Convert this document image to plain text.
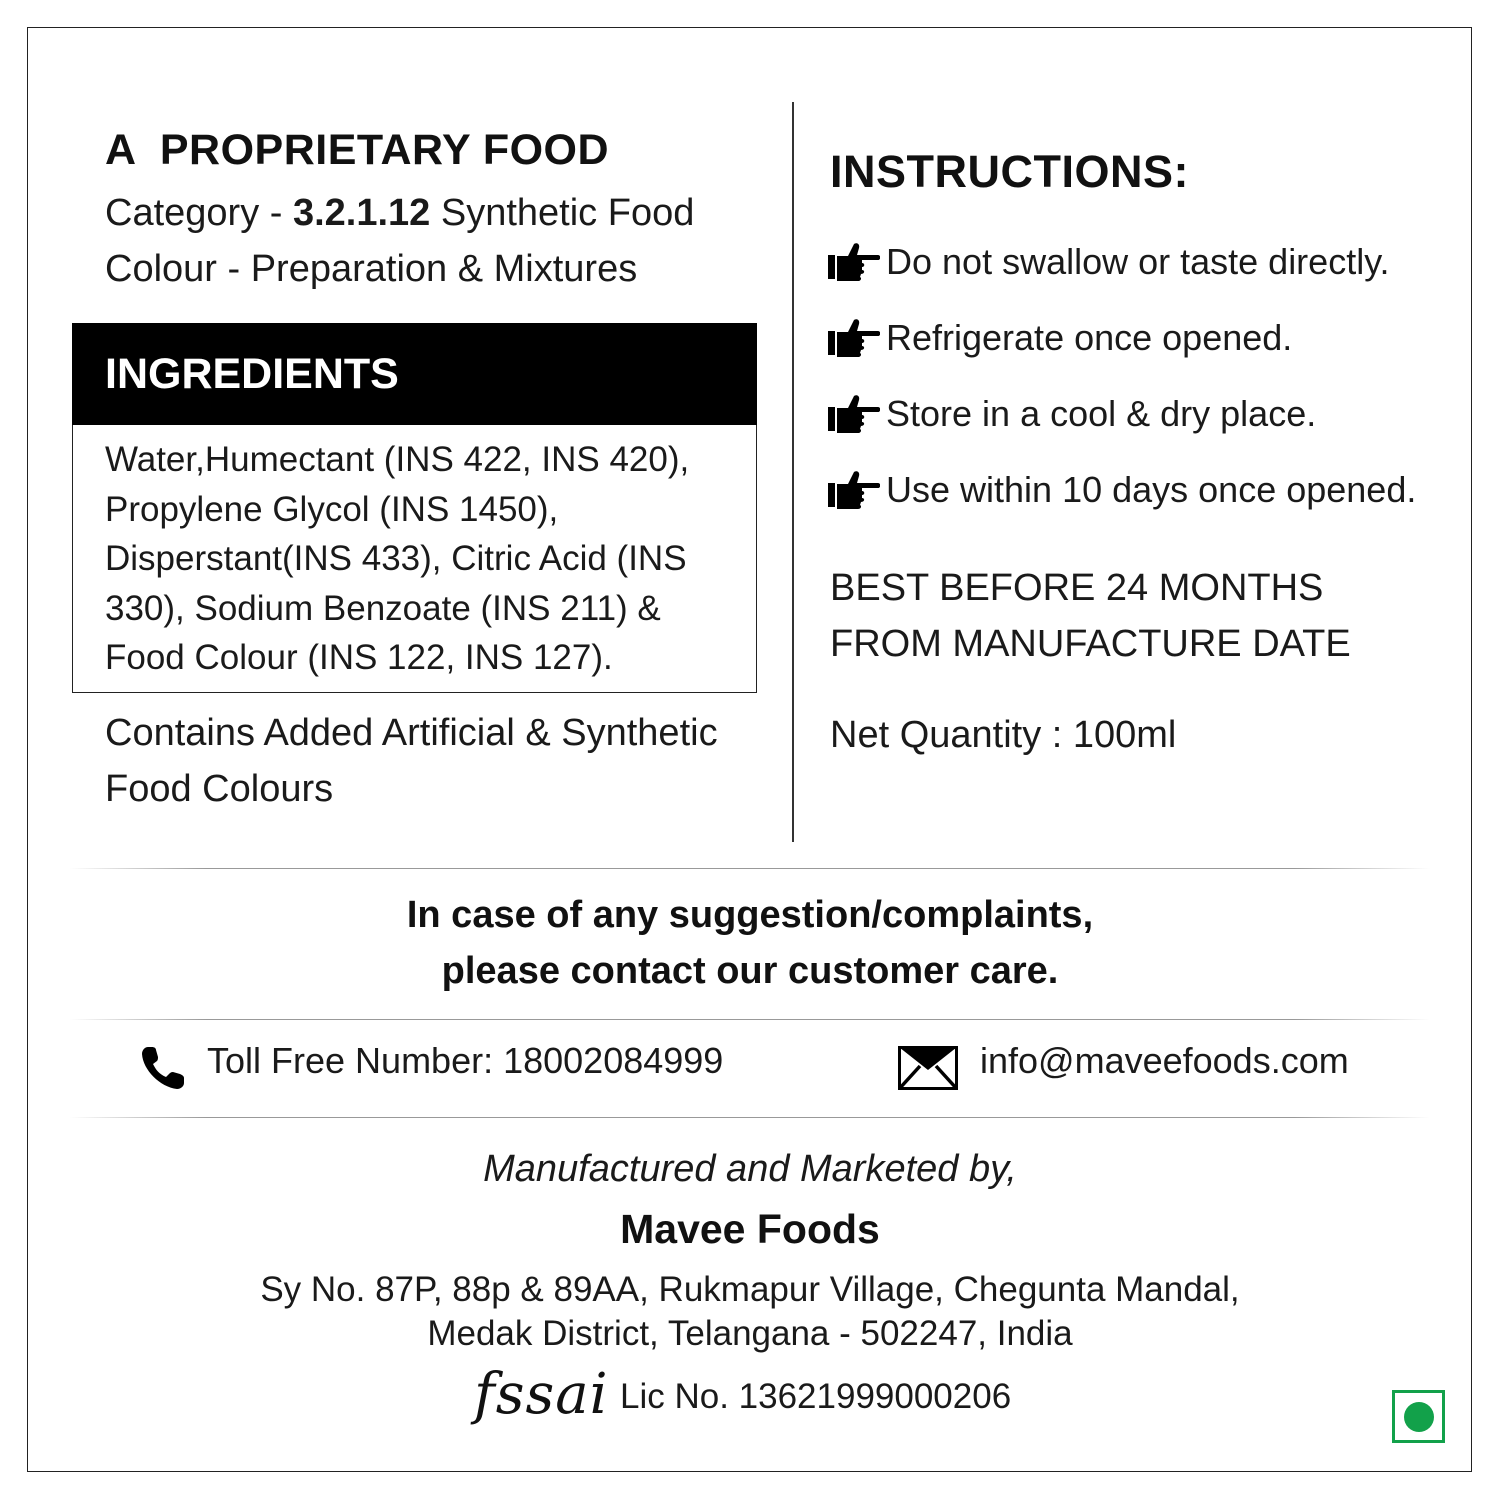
A  PROPRIETARY FOOD
Category - 3.2.1.12 Synthetic Food Colour - Preparation & Mixtures
INGREDIENTS
Water,Humectant (INS 422, INS 420), Propylene Glycol (INS 1450), Disperstant(INS 433), Citric Acid (INS 330), Sodium Benzoate (INS 211) & Food Colour (INS 122, INS 127).
Contains Added Artificial & Synthetic Food Colours
INSTRUCTIONS:
Do not swallow or taste directly.
Refrigerate once opened.
Store in a cool & dry place.
Use within 10 days once opened.
BEST BEFORE 24 MONTHS
FROM MANUFACTURE DATE
Net Quantity : 100ml
In case of any suggestion/complaints,
please contact our customer care.
Toll Free Number: 18002084999	info@maveefoods.com
Manufactured and Marketed by,
Mavee Foods
Sy No. 87P, 88p & 89AA, Rukmapur Village, Chegunta Mandal,
Medak District, Telangana - 502247, India
fssai Lic No. 13621999000206
